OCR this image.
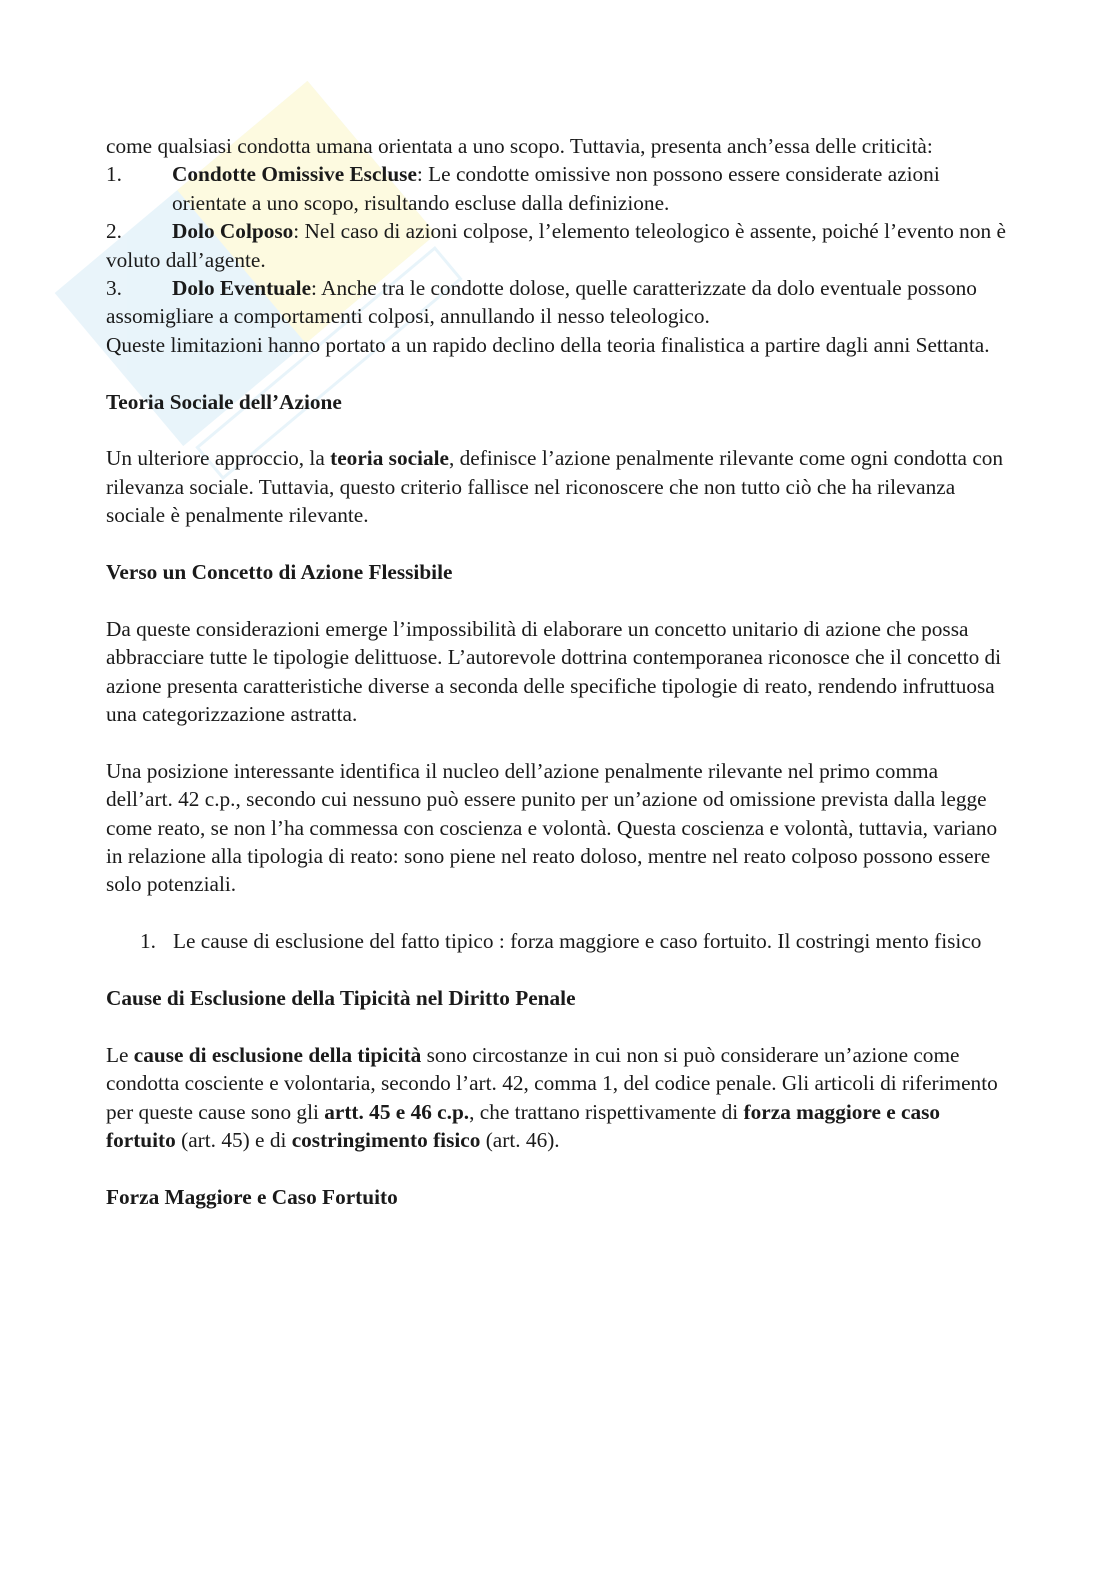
come qualsiasi condotta umana orientata a uno scopo. Tuttavia, presenta anch’essa delle criticità:

1.	Condotte Omissive Escluse: Le condotte omissive non possono essere considerate azioni orientate a uno scopo, risultando escluse dalla definizione.
2. Dolo Colposo: Nel caso di azioni colpose, l’elemento teleologico è assente, poiché l’evento non è voluto dall’agente.
3. Dolo Eventuale: Anche tra le condotte dolose, quelle caratterizzate da dolo eventuale possono assomigliare a comportamenti colposi, annullando il nesso teleologico.

Queste limitazioni hanno portato a un rapido declino della teoria finalistica a partire dagli anni Settanta.

Teoria Sociale dell’Azione

Un ulteriore approccio, la teoria sociale, definisce l’azione penalmente rilevante come ogni condotta con rilevanza sociale. Tuttavia, questo criterio fallisce nel riconoscere che non tutto ciò che ha rilevanza sociale è penalmente rilevante.

Verso un Concetto di Azione Flessibile

Da queste considerazioni emerge l’impossibilità di elaborare un concetto unitario di azione che possa abbracciare tutte le tipologie delittuose. L’autorevole dottrina contemporanea riconosce che il concetto di azione presenta caratteristiche diverse a seconda delle specifiche tipologie di reato, rendendo infruttuosa una categorizzazione astratta.

Una posizione interessante identifica il nucleo dell’azione penalmente rilevante nel primo comma dell’art. 42 c.p., secondo cui nessuno può essere punito per un’azione od omissione prevista dalla legge come reato, se non l’ha commessa con coscienza e volontà. Questa coscienza e volontà, tuttavia, variano in relazione alla tipologia di reato: sono piene nel reato doloso, mentre nel reato colposo possono essere solo potenziali.

1. Le cause di esclusione del fatto tipico : forza maggiore e caso fortuito. Il costringi mento fisico
Cause di Esclusione della Tipicità nel Diritto Penale

Le cause di esclusione della tipicità sono circostanze in cui non si può considerare un’azione come condotta cosciente e volontaria, secondo l’art. 42, comma 1, del codice penale. Gli articoli di riferimento per queste cause sono gli artt. 45 e 46 c.p., che trattano rispettivamente di forza maggiore e caso fortuito (art. 45) e di costringimento fisico (art. 46).

Forza Maggiore e Caso Fortuito
